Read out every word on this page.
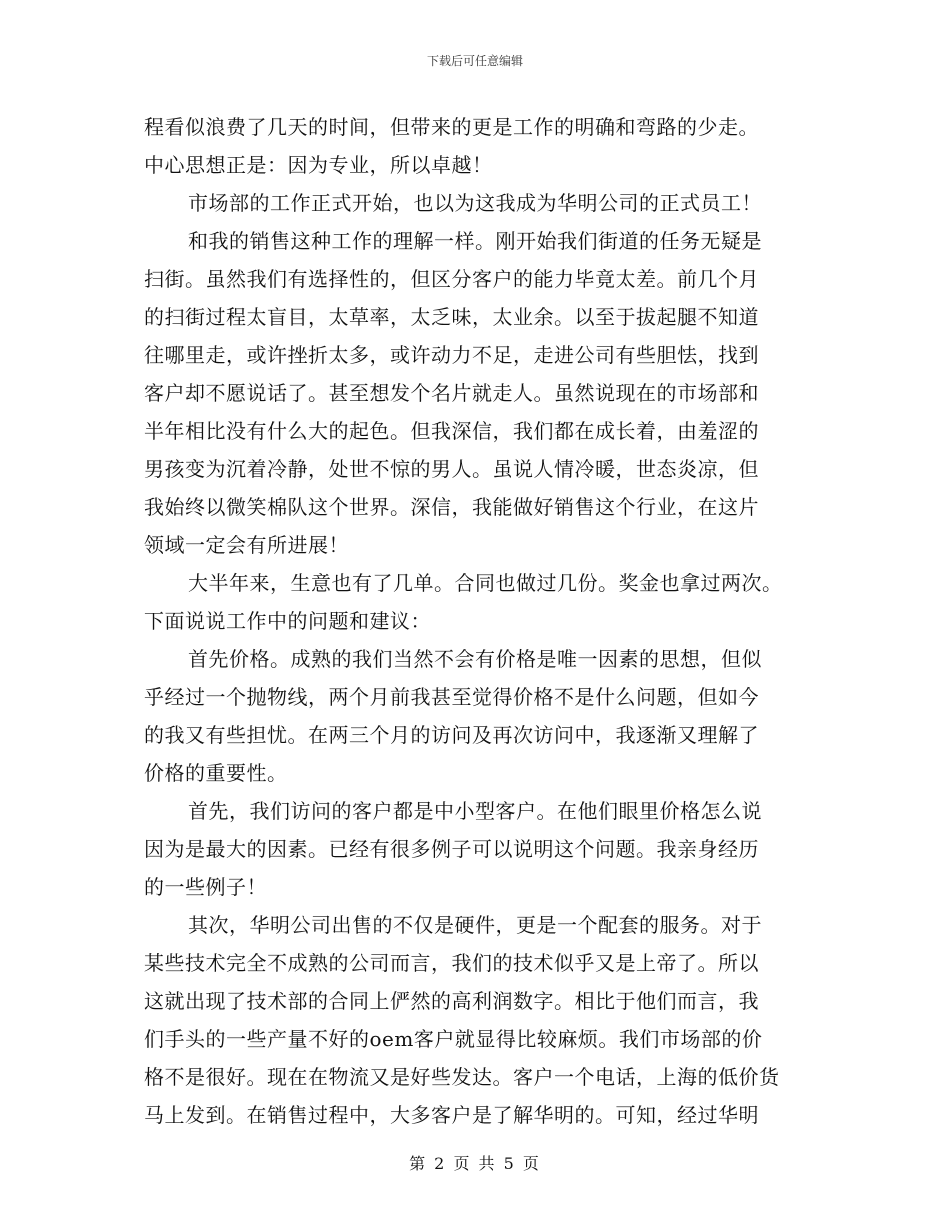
下载后可任意编辑
程看似浪费了几天的时间，但带来的更是工作的明确和弯路的少走。
中心思想正是：因为专业，所以卓越！
市场部的工作正式开始，也以为这我成为华明公司的正式员工！
和我的销售这种工作的理解一样。刚开始我们街道的任务无疑是
扫街。虽然我们有选择性的，但区分客户的能力毕竟太差。前几个月
的扫街过程太盲目，太草率，太乏味，太业余。以至于拔起腿不知道
往哪里走，或许挫折太多，或许动力不足，走进公司有些胆怯，找到
客户却不愿说话了。甚至想发个名片就走人。虽然说现在的市场部和
半年相比没有什么大的起色。但我深信，我们都在成长着，由羞涩的
男孩变为沉着冷静，处世不惊的男人。虽说人情冷暖，世态炎凉，但
我始终以微笑棉队这个世界。深信，我能做好销售这个行业，在这片
领域一定会有所进展！
大半年来，生意也有了几单。合同也做过几份。奖金也拿过两次。
下面说说工作中的问题和建议：
首先价格。成熟的我们当然不会有价格是唯一因素的思想，但似
乎经过一个抛物线，两个月前我甚至觉得价格不是什么问题，但如今
的我又有些担忧。在两三个月的访问及再次访问中，我逐渐又理解了
价格的重要性。
首先，我们访问的客户都是中小型客户。在他们眼里价格怎么说
因为是最大的因素。已经有很多例子可以说明这个问题。我亲身经历
的一些例子！
其次，华明公司出售的不仅是硬件，更是一个配套的服务。对于
某些技术完全不成熟的公司而言，我们的技术似乎又是上帝了。所以
这就出现了技术部的合同上俨然的高利润数字。相比于他们而言，我
们手头的一些产量不好的oem客户就显得比较麻烦。我们市场部的价
格不是很好。现在在物流又是好些发达。客户一个电话，上海的低价货
马上发到。在销售过程中，大多客户是了解华明的。可知，经过华明
第 2 页 共 5 页
